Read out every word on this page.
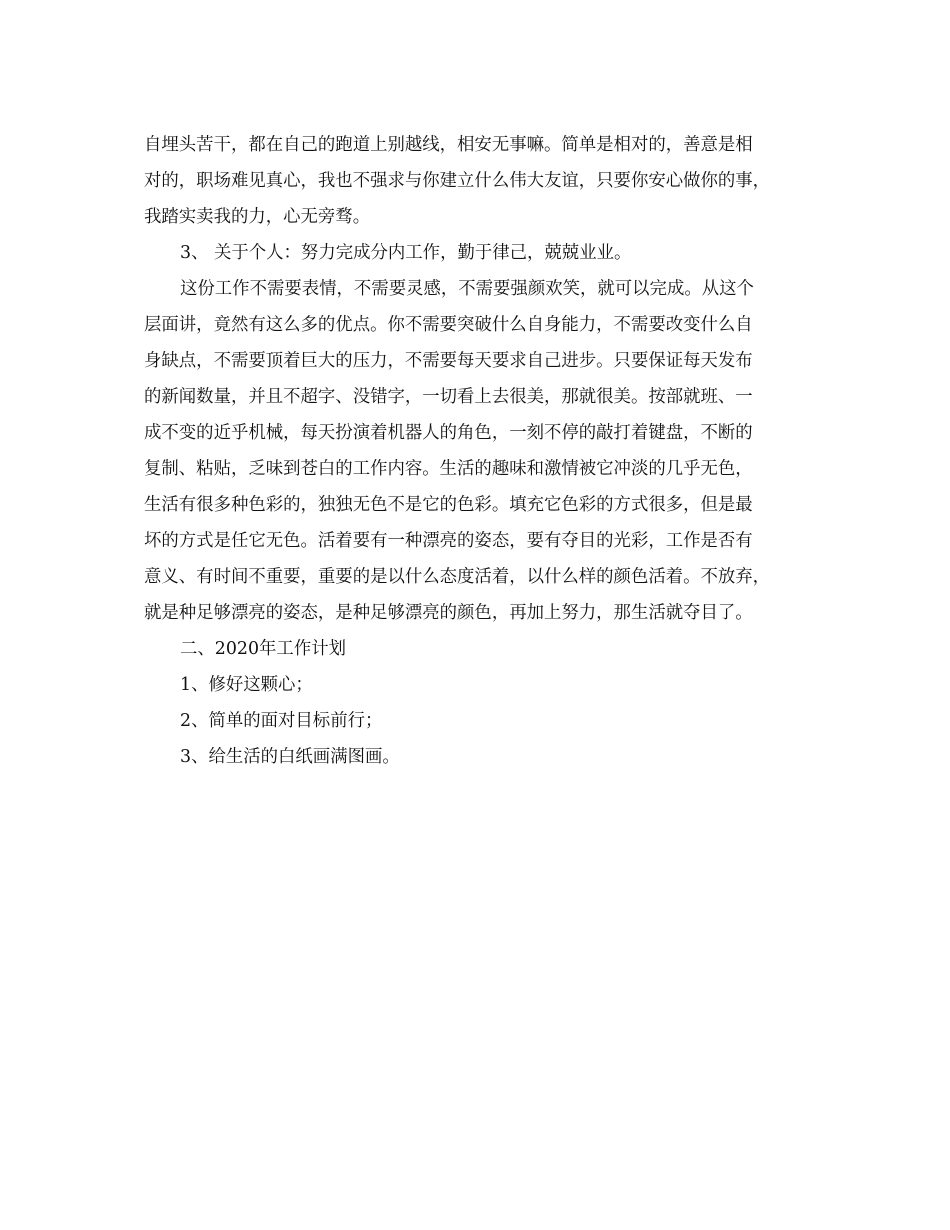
自埋头苦干，都在自己的跑道上别越线，相安无事嘛。简单是相对的，善意是相
对的，职场难见真心，我也不强求与你建立什么伟大友谊，只要你安心做你的事，
我踏实卖我的力，心无旁骛。
3、 关于个人：努力完成分内工作，勤于律己，兢兢业业。
这份工作不需要表情，不需要灵感，不需要强颜欢笑，就可以完成。从这个
层面讲，竟然有这么多的优点。你不需要突破什么自身能力，不需要改变什么自
身缺点，不需要顶着巨大的压力，不需要每天要求自己进步。只要保证每天发布
的新闻数量，并且不超字、没错字，一切看上去很美，那就很美。按部就班、一
成不变的近乎机械，每天扮演着机器人的角色，一刻不停的敲打着键盘，不断的
复制、粘贴，乏味到苍白的工作内容。生活的趣味和激情被它冲淡的几乎无色，
生活有很多种色彩的，独独无色不是它的色彩。填充它色彩的方式很多，但是最
坏的方式是任它无色。活着要有一种漂亮的姿态，要有夺目的光彩，工作是否有
意义、有时间不重要，重要的是以什么态度活着，以什么样的颜色活着。不放弃，
就是种足够漂亮的姿态，是种足够漂亮的颜色，再加上努力，那生活就夺目了。
二、2020年工作计划
1、修好这颗心；
2、简单的面对目标前行；
3、给生活的白纸画满图画。
